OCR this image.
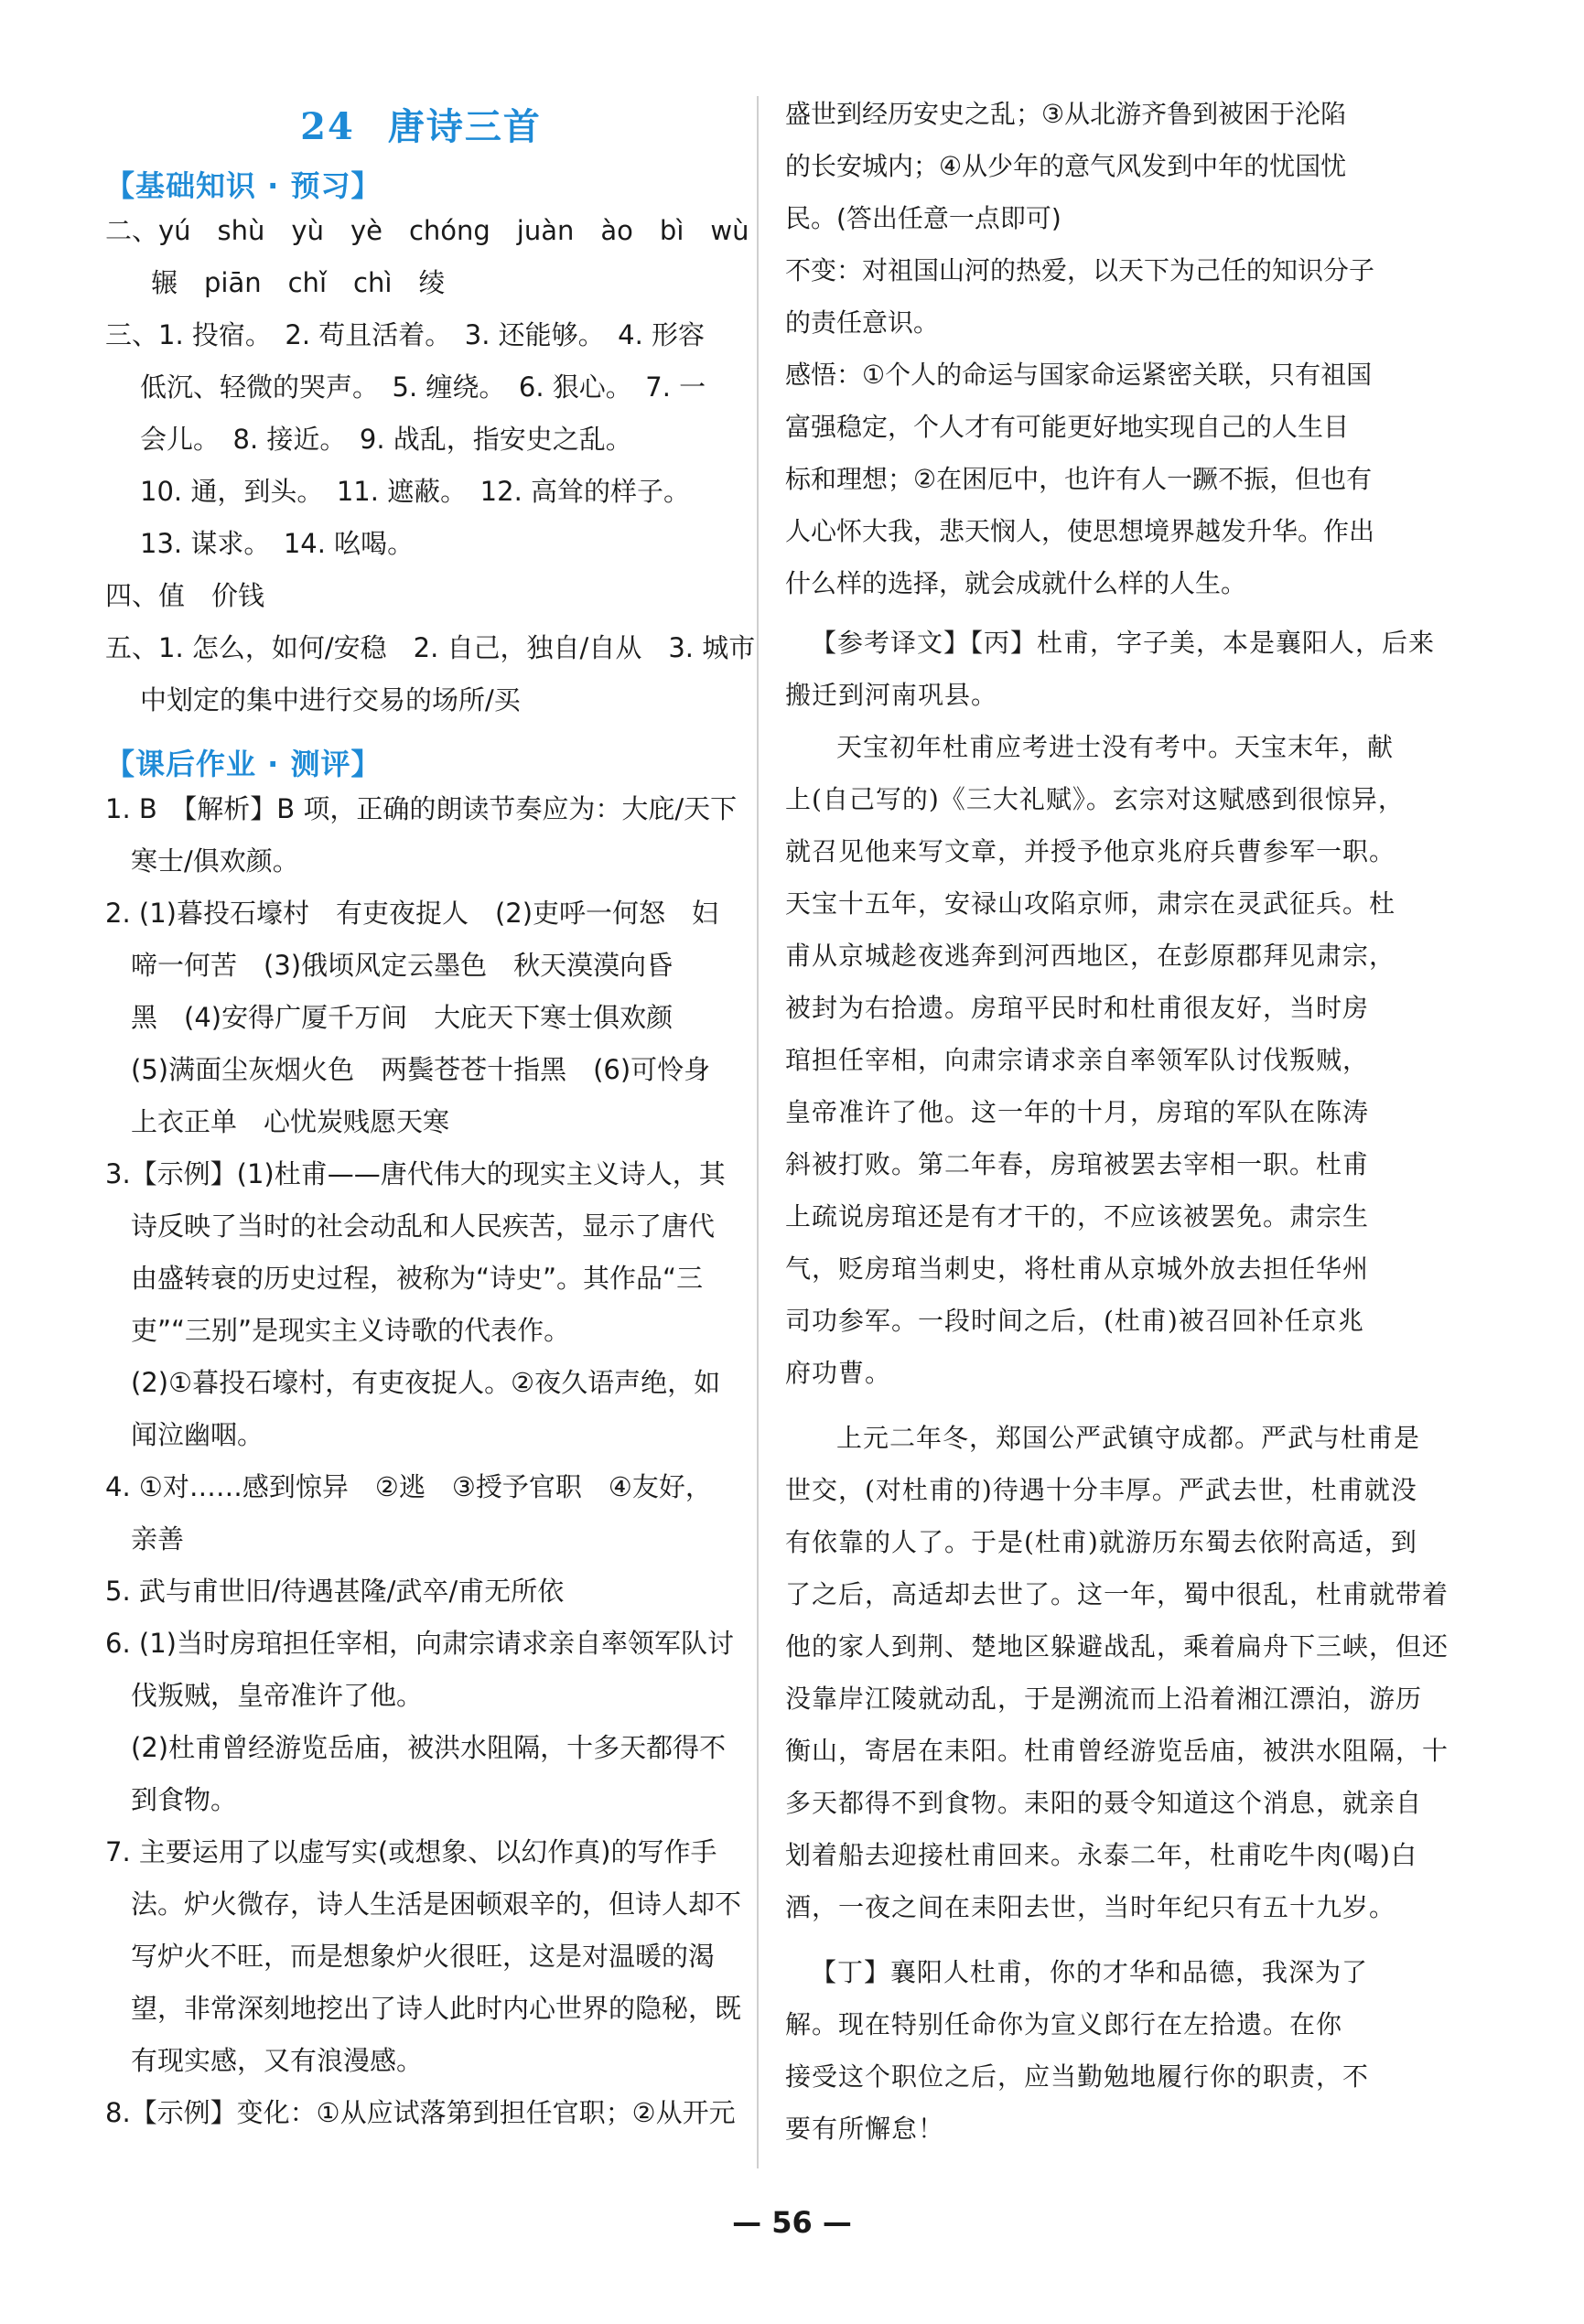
24 唐诗三首
【基础知识 · 预习】
二、yú　shù　yù　yè　chóng　juàn　ào　bì　wù
辗　piān　chǐ　chì　绫
三、1. 投宿。　2. 苟且活着。　3. 还能够。　4. 形容
低沉、轻微的哭声。　5. 缠绕。　6. 狠心。　7. 一
会儿。　8. 接近。　9. 战乱，指安史之乱。
10. 通，到头。　11. 遮蔽。　12. 高耸的样子。
13. 谋求。　14. 吆喝。
四、值　价钱
五、1. 怎么，如何/安稳　2. 自己，独自/自从　3. 城市
中划定的集中进行交易的场所/买
【课后作业 · 测评】
1. B　【解析】B 项，正确的朗读节奏应为：大庇/天下
寒士/俱欢颜。
2. (1)暮投石壕村　有吏夜捉人　(2)吏呼一何怒　妇
啼一何苦　(3)俄顷风定云墨色　秋天漠漠向昏
黑　(4)安得广厦千万间　大庇天下寒士俱欢颜
(5)满面尘灰烟火色　两鬓苍苍十指黑　(6)可怜身
上衣正单　心忧炭贱愿天寒
3.【示例】(1)杜甫——唐代伟大的现实主义诗人，其
诗反映了当时的社会动乱和人民疾苦，显示了唐代
由盛转衰的历史过程，被称为“诗史”。其作品“三
吏”“三别”是现实主义诗歌的代表作。
(2)①暮投石壕村，有吏夜捉人。②夜久语声绝，如
闻泣幽咽。
4. ①对……感到惊异　②逃　③授予官职　④友好，
亲善
5. 武与甫世旧/待遇甚隆/武卒/甫无所依
6. (1)当时房琯担任宰相，向肃宗请求亲自率领军队讨
伐叛贼，皇帝准许了他。
(2)杜甫曾经游览岳庙，被洪水阻隔，十多天都得不
到食物。
7. 主要运用了以虚写实(或想象、以幻作真)的写作手
法。炉火微存，诗人生活是困顿艰辛的，但诗人却不
写炉火不旺，而是想象炉火很旺，这是对温暖的渴
望，非常深刻地挖出了诗人此时内心世界的隐秘，既
有现实感，又有浪漫感。
8.【示例】变化：①从应试落第到担任官职；②从开元
盛世到经历安史之乱；③从北游齐鲁到被困于沦陷
的长安城内；④从少年的意气风发到中年的忧国忧
民。(答出任意一点即可)
不变：对祖国山河的热爱，以天下为己任的知识分子
的责任意识。
感悟：①个人的命运与国家命运紧密关联，只有祖国
富强稳定，个人才有可能更好地实现自己的人生目
标和理想；②在困厄中，也许有人一蹶不振，但也有
人心怀大我，悲天悯人，使思想境界越发升华。作出
什么样的选择，就会成就什么样的人生。
【参考译文】【丙】杜甫，字子美，本是襄阳人，后来
搬迁到河南巩县。
天宝初年杜甫应考进士没有考中。天宝末年，献
上(自己写的)《三大礼赋》。玄宗对这赋感到很惊异，
就召见他来写文章，并授予他京兆府兵曹参军一职。
天宝十五年，安禄山攻陷京师，肃宗在灵武征兵。杜
甫从京城趁夜逃奔到河西地区，在彭原郡拜见肃宗，
被封为右拾遗。房琯平民时和杜甫很友好，当时房
琯担任宰相，向肃宗请求亲自率领军队讨伐叛贼，
皇帝准许了他。这一年的十月，房琯的军队在陈涛
斜被打败。第二年春，房琯被罢去宰相一职。杜甫
上疏说房琯还是有才干的，不应该被罢免。肃宗生
气，贬房琯当刺史，将杜甫从京城外放去担任华州
司功参军。一段时间之后，(杜甫)被召回补任京兆
府功曹。
上元二年冬，郑国公严武镇守成都。严武与杜甫是
世交，(对杜甫的)待遇十分丰厚。严武去世，杜甫就没
有依靠的人了。于是(杜甫)就游历东蜀去依附高适，到
了之后，高适却去世了。这一年，蜀中很乱，杜甫就带着
他的家人到荆、楚地区躲避战乱，乘着扁舟下三峡，但还
没靠岸江陵就动乱，于是溯流而上沿着湘江漂泊，游历
衡山，寄居在耒阳。杜甫曾经游览岳庙，被洪水阻隔，十
多天都得不到食物。耒阳的聂令知道这个消息，就亲自
划着船去迎接杜甫回来。永泰二年，杜甫吃牛肉(喝)白
酒，一夜之间在耒阳去世，当时年纪只有五十九岁。
【丁】襄阳人杜甫，你的才华和品德，我深为了
解。现在特别任命你为宣义郎行在左拾遗。在你
接受这个职位之后，应当勤勉地履行你的职责，不
要有所懈怠！
— 56 —
